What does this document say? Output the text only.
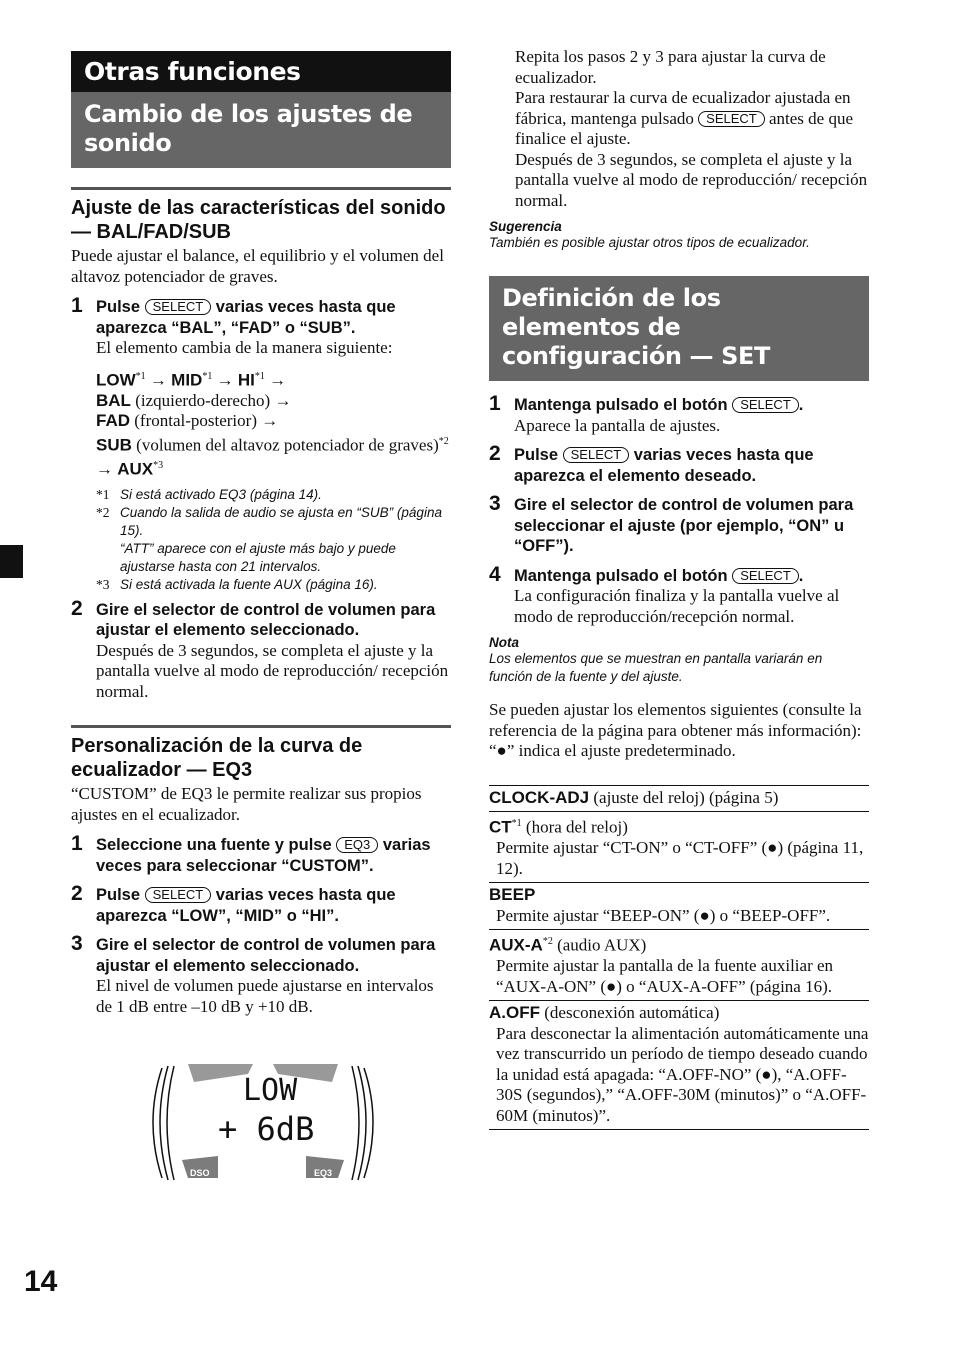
Otras funciones
Cambio de los ajustes de sonido
Ajuste de las características del sonido — BAL/FAD/SUB

Puede ajustar el balance, el equilibrio y el volumen del altavoz potenciador de graves.

1 Pulse SELECT varias veces hasta que aparezca “BAL”, “FAD” o “SUB”.

El elemento cambia de la manera siguiente:

$LOW^{*1} \to MID^{*1} \to HI^{*1}$ →
BAL (izquierdo-derecho) →
FAD (frontal-posterior) →
SUB (volumen del altavoz potenciador de graves)$^{*2}$ → $AUX^{*3}$

*1 Si está activado EQ3 (página 14).
*2 Cuando la salida de audio se ajusta en “SUB” (página 15).
“ATT” aparece con el ajuste más bajo y puede ajustarse hasta con 21 intervalos.
*3 Si está activada la fuente AUX (página 16).
2 Gire el selector de control de volumen para ajustar el elemento seleccionado.

Después de 3 segundos, se completa el ajuste y la pantalla vuelve al modo de reproducción/ recepción normal.

Personalización de la curva de ecualizador — EQ3

“CUSTOM” de EQ3 le permite realizar sus propios ajustes en el ecualizador.

1 Seleccione una fuente y pulse EQ3 varias veces para seleccionar “CUSTOM”.
2 Pulse SELECT varias veces hasta que aparezca “LOW”, “MID” o “HI”.
3 Gire el selector de control de volumen para ajustar el elemento seleccionado.

El nivel de volumen puede ajustarse en intervalos de 1 dB entre –10 dB y +10 dB.

LOW
+ 6dB
DSO	EQ3

Repita los pasos 2 y 3 para ajustar la curva de ecualizador.

Para restaurar la curva de ecualizador ajustada en fábrica, mantenga pulsado SELECT antes de que finalice el ajuste.

Después de 3 segundos, se completa el ajuste y la pantalla vuelve al modo de reproducción/ recepción normal.

Sugerencia
También es posible ajustar otros tipos de ecualizador.
Definición de los elementos de configuración — SET
1 Mantenga pulsado el botón SELECT .

Aparece la pantalla de ajustes.

2 Pulse SELECT varias veces hasta que aparezca el elemento deseado.
3 Gire el selector de control de volumen para seleccionar el ajuste (por ejemplo, “ON” u “OFF”).
4 Mantenga pulsado el botón SELECT .

La configuración finaliza y la pantalla vuelve al modo de reproducción/recepción normal.

Nota
Los elementos que se muestran en pantalla variarán en función de la fuente y del ajuste.

Se pueden ajustar los elementos siguientes (consulte la referencia de la página para obtener más información):

“●” indica el ajuste predeterminado.

CLOCK-ADJ (ajuste del reloj) (página 5)

CT$^{*1}$ (hora del reloj)

Permite ajustar “CT-ON” o “CT-OFF” (●) (página 11, 12).

BEEP

Permite ajustar “BEEP-ON” (●) o “BEEP-OFF”.

AUX-$A^{*2}$ (audio AUX)

Permite ajustar la pantalla de la fuente auxiliar en “AUX-A-ON” (●) o “AUX-A-OFF” (página 16).

A.OFF (desconexión automática)

Para desconectar la alimentación automáticamente una vez transcurrido un período de tiempo deseado cuando la unidad está apagada: “A.OFF-NO” (●), “A.OFF-30S (segundos),” “A.OFF-30M (minutos)” o “A.OFF-60M (minutos)”.

14
